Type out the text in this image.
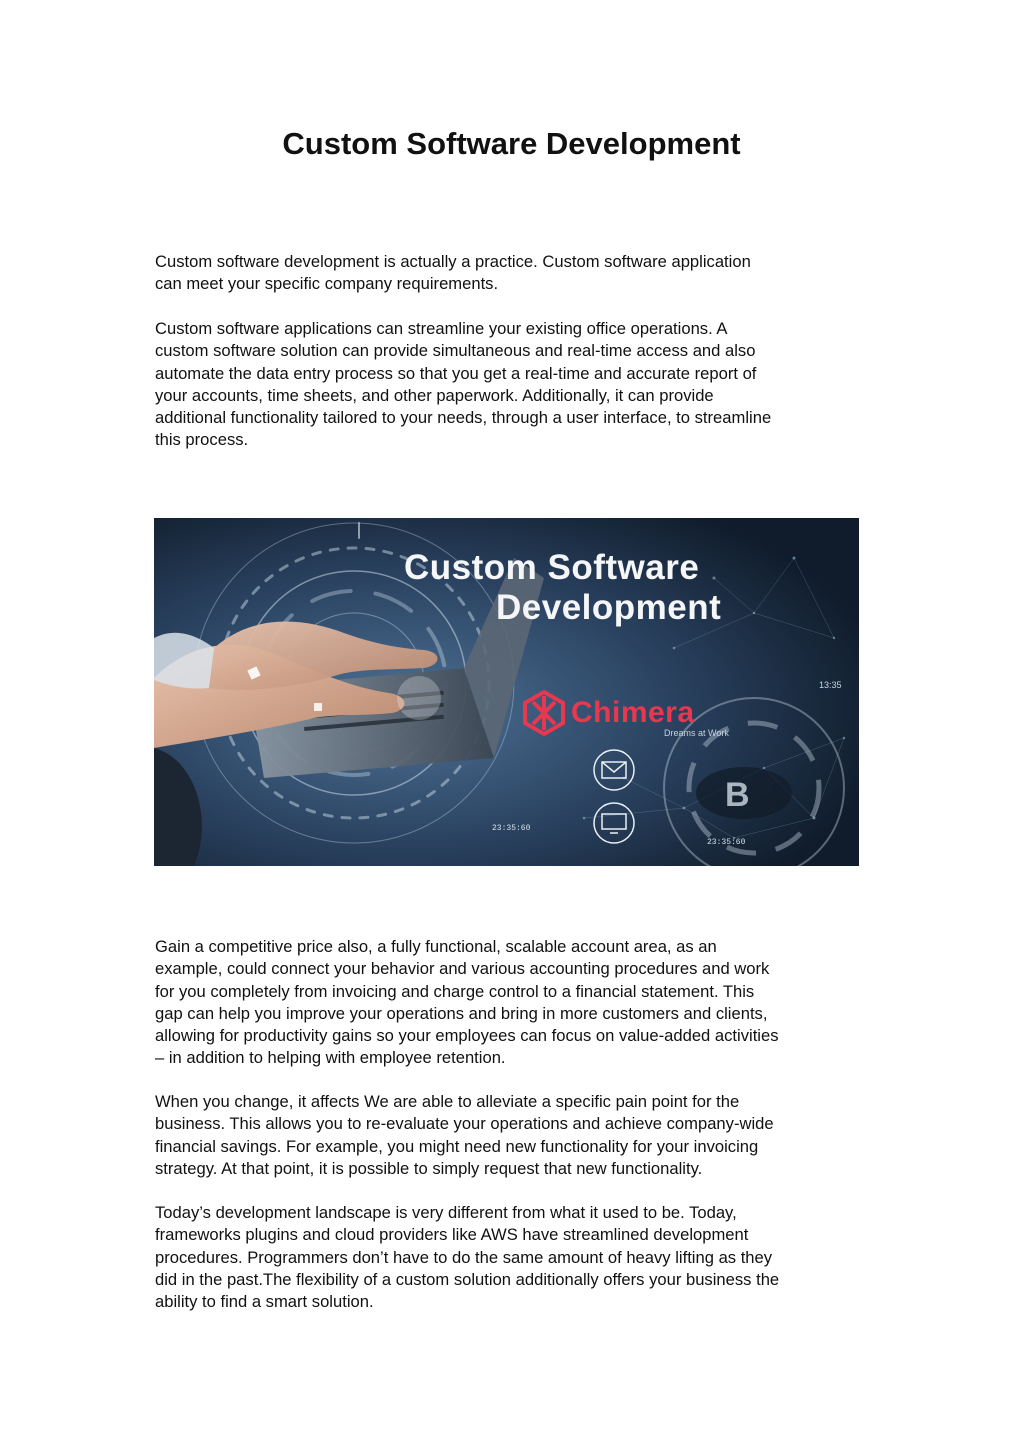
Custom Software Development

Custom software development is actually a practice. Custom software application
can meet your specific company requirements.

Custom software applications can streamline your existing office operations. A
custom software solution can provide simultaneous and real-time access and also
automate the data entry process so that you get a real-time and accurate report of
your accounts, time sheets, and other paperwork. Additionally, it can provide
additional functionality tailored to your needs, through a user interface, to streamline
this process.

B
Custom Software
Development
Chimera
Dreams at Work
23:35:60
23:35:60
13:35

Gain a competitive price also, a fully functional, scalable account area, as an
example, could connect your behavior and various accounting procedures and work
for you completely from invoicing and charge control to a financial statement. This
gap can help you improve your operations and bring in more customers and clients,
allowing for productivity gains so your employees can focus on value-added activities
– in addition to helping with employee retention.

When you change, it affects We are able to alleviate a specific pain point for the
business. This allows you to re-evaluate your operations and achieve company-wide
financial savings. For example, you might need new functionality for your invoicing
strategy. At that point, it is possible to simply request that new functionality.

Today’s development landscape is very different from what it used to be. Today,
frameworks plugins and cloud providers like AWS have streamlined development
procedures. Programmers don’t have to do the same amount of heavy lifting as they
did in the past.The flexibility of a custom solution additionally offers your business the
ability to find a smart solution.
